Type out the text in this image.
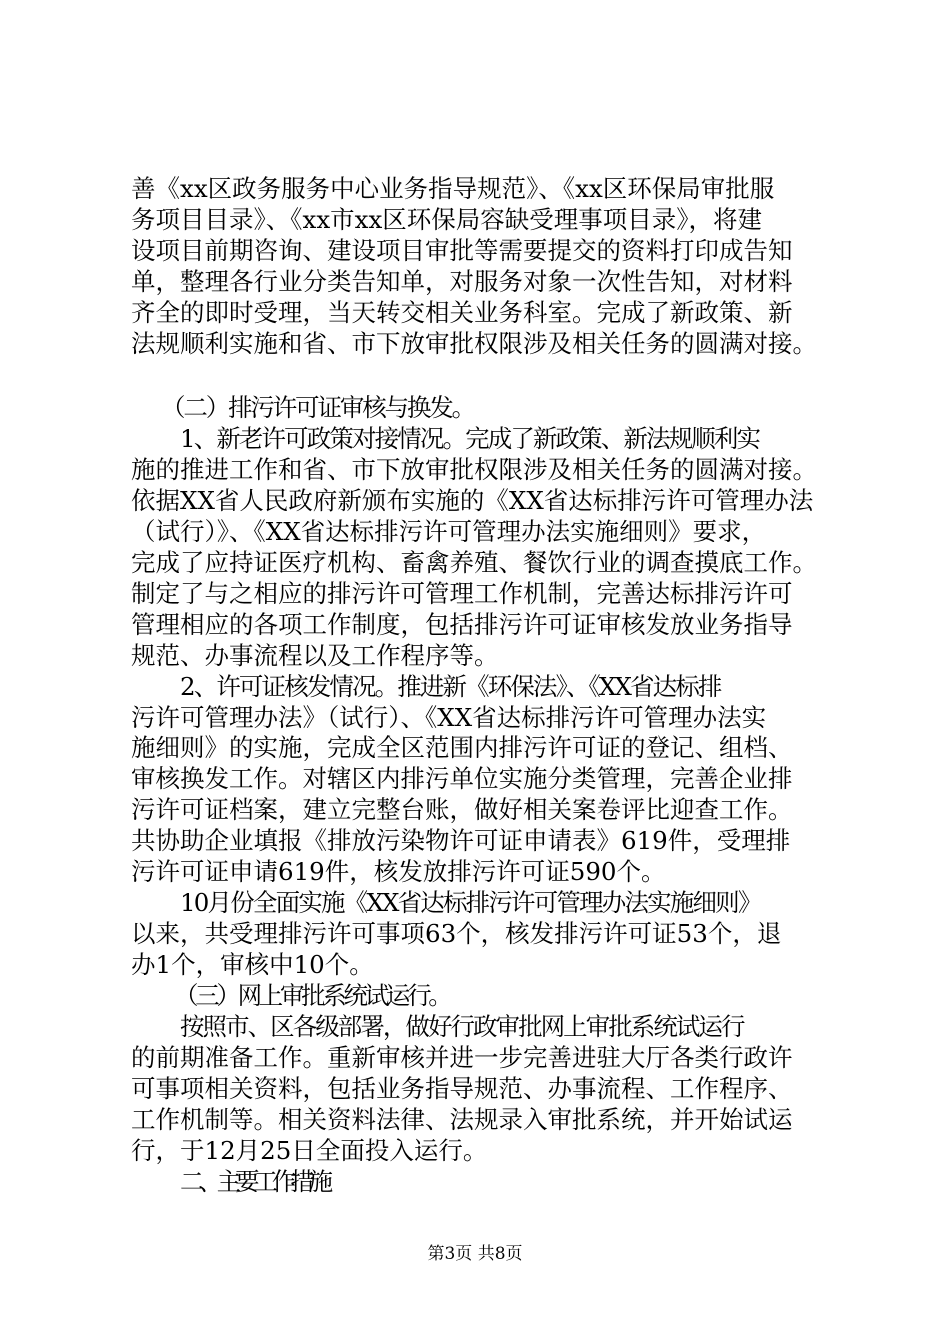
善《xx区政务服务中心业务指导规范》、《xx区环保局审批服
务项目目录》、《xx市xx区环保局容缺受理事项目录》，将建
设项目前期咨询、建设项目审批等需要提交的资料打印成告知
单，整理各行业分类告知单，对服务对象一次性告知，对材料
齐全的即时受理，当天转交相关业务科室。完成了新政策、新
法规顺利实施和省、市下放审批权限涉及相关任务的圆满对接。
（二）排污许可证审核与换发。
1、新老许可政策对接情况。完成了新政策、新法规顺利实
施的推进工作和省、市下放审批权限涉及相关任务的圆满对接。
依据XX省人民政府新颁布实施的《XX省达标排污许可管理办法
（试行）》、《XX省达标排污许可管理办法实施细则》要求，
完成了应持证医疗机构、畜禽养殖、餐饮行业的调查摸底工作。
制定了与之相应的排污许可管理工作机制，完善达标排污许可
管理相应的各项工作制度，包括排污许可证审核发放业务指导
规范、办事流程以及工作程序等。
2、许可证核发情况。推进新《环保法》、《XX省达标排
污许可管理办法》（试行）、《XX省达标排污许可管理办法实
施细则》的实施，完成全区范围内排污许可证的登记、组档、
审核换发工作。对辖区内排污单位实施分类管理，完善企业排
污许可证档案，建立完整台账，做好相关案卷评比迎查工作。
共协助企业填报《排放污染物许可证申请表》619件，受理排
污许可证申请619件，核发放排污许可证590个。
10月份全面实施《XX省达标排污许可管理办法实施细则》
以来，共受理排污许可事项63个，核发排污许可证53个，退
办1个，审核中10个。
（三）网上审批系统试运行。
按照市、区各级部署，做好行政审批网上审批系统试运行
的前期准备工作。重新审核并进一步完善进驻大厅各类行政许
可事项相关资料，包括业务指导规范、办事流程、工作程序、
工作机制等。相关资料法律、法规录入审批系统，并开始试运
行，于12月25日全面投入运行。
二、主要工作措施
第3页 共8页
